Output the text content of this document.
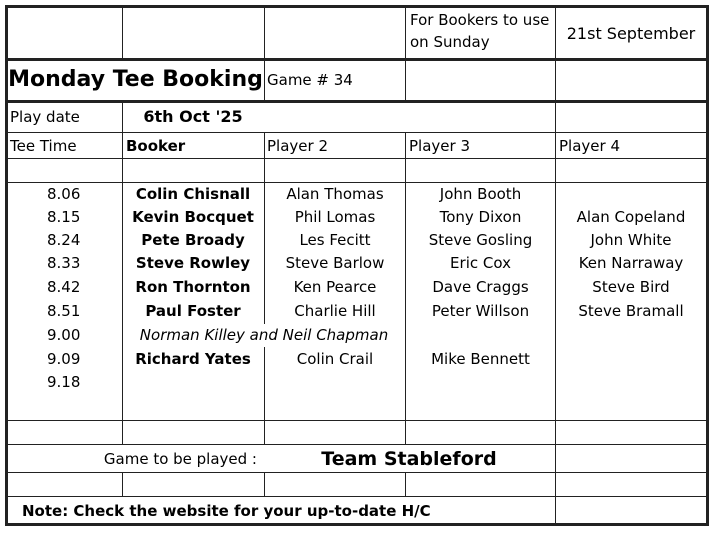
For Bookers to use
on Sunday	21st September
Monday Tee Booking Game # 34
Play date	6th Oct '25
Tee Time	Booker	Player 2	Player 3	Player 4
8.06	Colin Chisnall	Alan Thomas	John Booth
8.15	Kevin Bocquet	Phil Lomas	Tony Dixon	Alan Copeland
8.24	Pete Broady	Les Fecitt	Steve Gosling	John White
8.33	Steve Rowley	Steve Barlow	Eric Cox	Ken Narraway
8.42	Ron Thornton	Ken Pearce	Dave Craggs	Steve Bird
8.51	Paul Foster	Charlie Hill	Peter Willson	Steve Bramall
9.00	Norman Killey and Neil Chapman
9.09	Richard Yates	Colin Crail	Mike Bennett
9.18
Game to be played :	Team Stableford
Note: Check the website for your up-to-date H/C
